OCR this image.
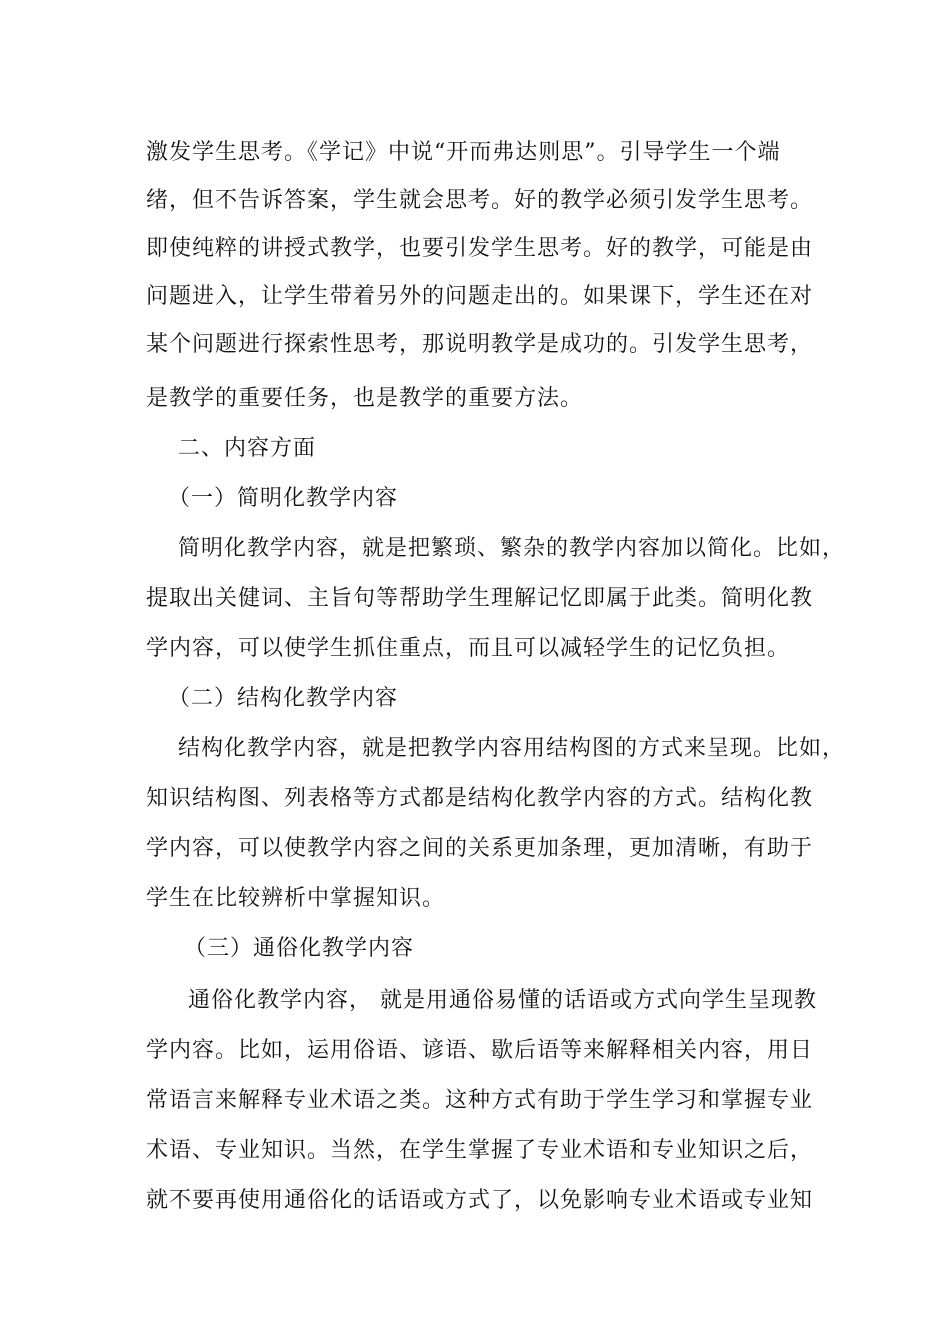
激发学生思考。《学记》中说“开而弗达则思”。引导学生一个端
绪，但不告诉答案，学生就会思考。好的教学必须引发学生思考。
即使纯粹的讲授式教学，也要引发学生思考。好的教学，可能是由
问题进入，让学生带着另外的问题走出的。如果课下，学生还在对
某个问题进行探索性思考，那说明教学是成功的。引发学生思考，
是教学的重要任务，也是教学的重要方法。
二、内容方面
（一）简明化教学内容
简明化教学内容，就是把繁琐、繁杂的教学内容加以简化。比如，
提取出关健词、主旨句等帮助学生理解记忆即属于此类。简明化教
学内容，可以使学生抓住重点，而且可以减轻学生的记忆负担。
（二）结构化教学内容
结构化教学内容，就是把教学内容用结构图的方式来呈现。比如，
知识结构图、列表格等方式都是结构化教学内容的方式。结构化教
学内容，可以使教学内容之间的关系更加条理，更加清晰，有助于
学生在比较辨析中掌握知识。
（三）通俗化教学内容
通俗化教学内容， 就是用通俗易懂的话语或方式向学生呈现教
学内容。比如，运用俗语、谚语、歇后语等来解释相关内容，用日
常语言来解释专业术语之类。这种方式有助于学生学习和掌握专业
术语、专业知识。当然，在学生掌握了专业术语和专业知识之后，
就不要再使用通俗化的话语或方式了，以免影响专业术语或专业知
